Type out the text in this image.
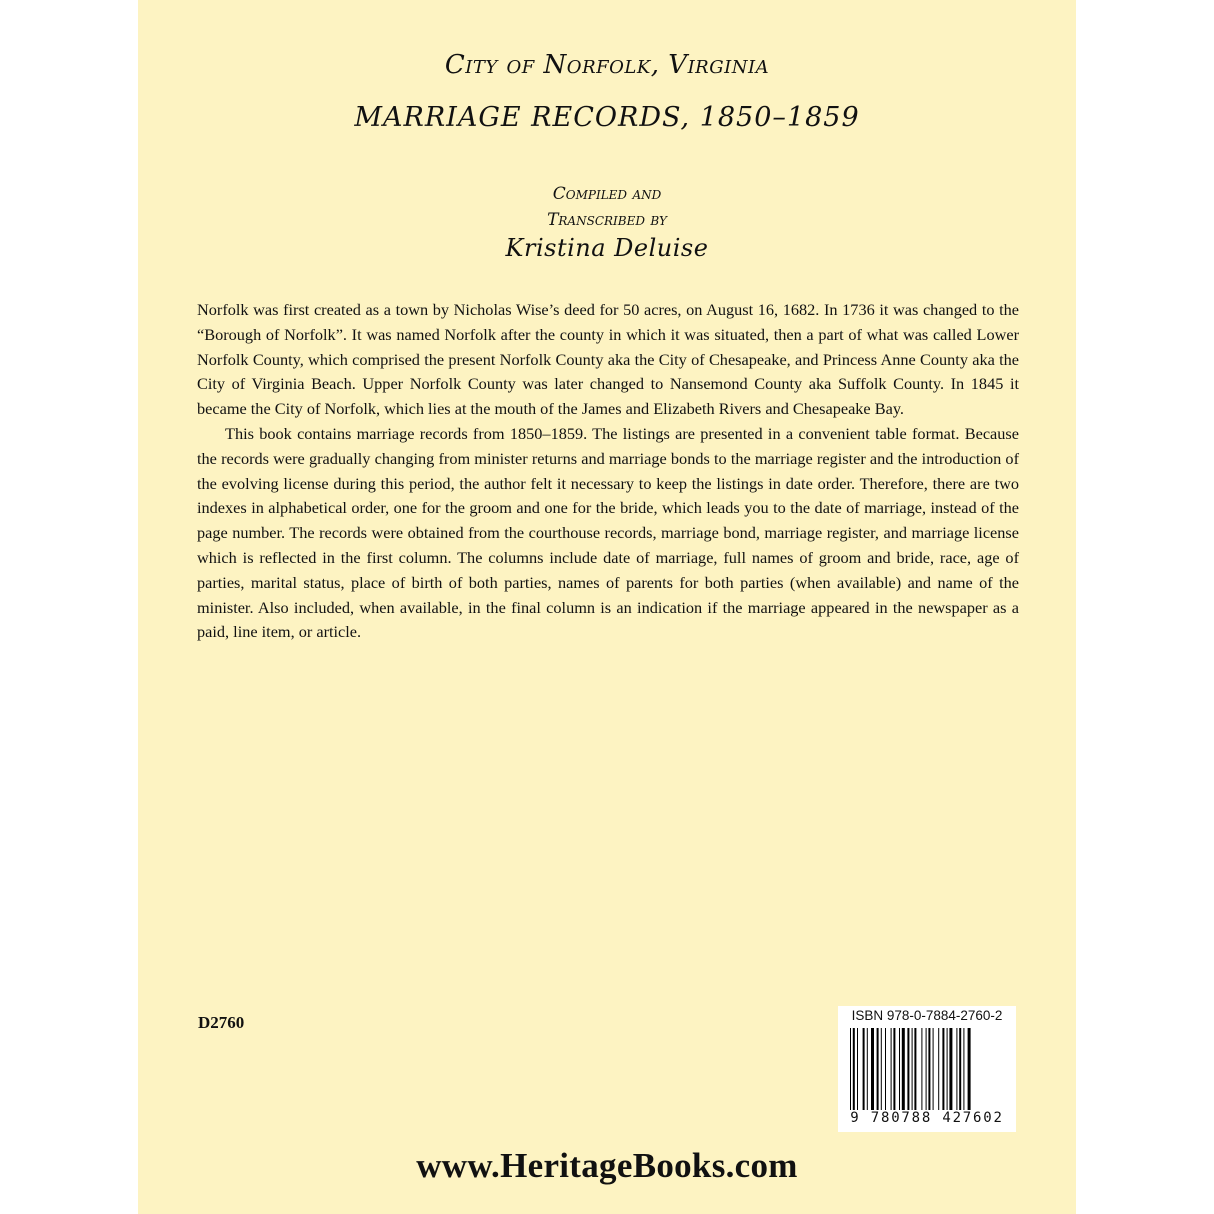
City of Norfolk, Virginia
MARRIAGE RECORDS, 1850–1859
Compiled and
Transcribed by
Kristina Deluise

Norfolk was first created as a town by Nicholas Wise’s deed for 50 acres, on August 16, 1682. In 1736 it was changed to the “Borough of Norfolk”. It was named Norfolk after the county in which it was situated, then a part of what was called Lower Norfolk County, which comprised the present Norfolk County aka the City of Chesapeake, and Princess Anne County aka the City of Virginia Beach. Upper Norfolk County was later changed to Nansemond County aka Suffolk County. In 1845 it became the City of Norfolk, which lies at the mouth of the James and Elizabeth Rivers and Chesapeake Bay.

This book contains marriage records from 1850–1859. The listings are presented in a convenient table format. Because the records were gradually changing from minister returns and marriage bonds to the marriage register and the introduction of the evolving license during this period, the author felt it necessary to keep the listings in date order. Therefore, there are two indexes in alphabetical order, one for the groom and one for the bride, which leads you to the date of marriage, instead of the page number. The records were obtained from the courthouse records, marriage bond, marriage register, and marriage license which is reflected in the first column. The columns include date of marriage, full names of groom and bride, race, age of parties, marital status, place of birth of both parties, names of parents for both parties (when available) and name of the minister. Also included, when available, in the final column is an indication if the marriage appeared in the newspaper as a paid, line item, or article.

D2760	ISBN 978-0-7884-2760-2
9 780788 427602
www.HeritageBooks.com
